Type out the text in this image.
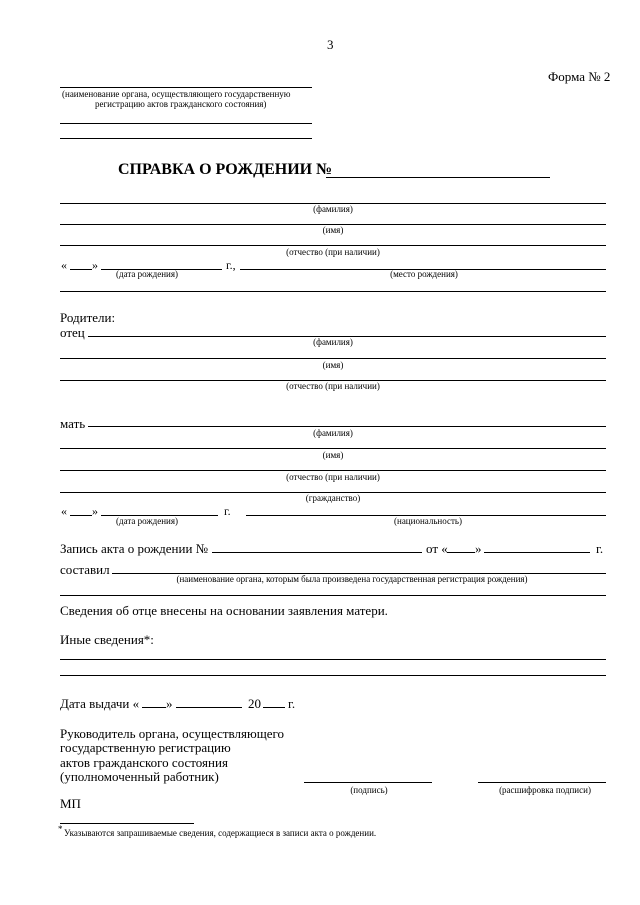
3
Форма № 2
(наименование органа, осуществляющего государственную
регистрацию актов гражданского состояния)
СПРАВКА О РОЖДЕНИИ №
(фамилия)
(имя)
(отчество (при наличии)
« »	г.,
(дата рождения)	(место рождения)
Родители:
отец
(фамилия)
(имя)
(отчество (при наличии)
мать
(фамилия)
(имя)
(отчество (при наличии)
(гражданство)
« »	г.
(дата рождения)	(национальность)
Запись акта о рождении №	от « »	г.
составил
(наименование органа, которым была произведена государственная регистрация рождения)
Сведения об отце внесены на основании заявления матери.
Иные сведения*:
Дата выдачи « »	20 г.
Руководитель органа, осуществляющего
государственную регистрацию
актов гражданского состояния
(уполномоченный работник)
(подпись)	(расшифровка подписи)
МП
* Указываются запрашиваемые сведения, содержащиеся в записи акта о рождении.
